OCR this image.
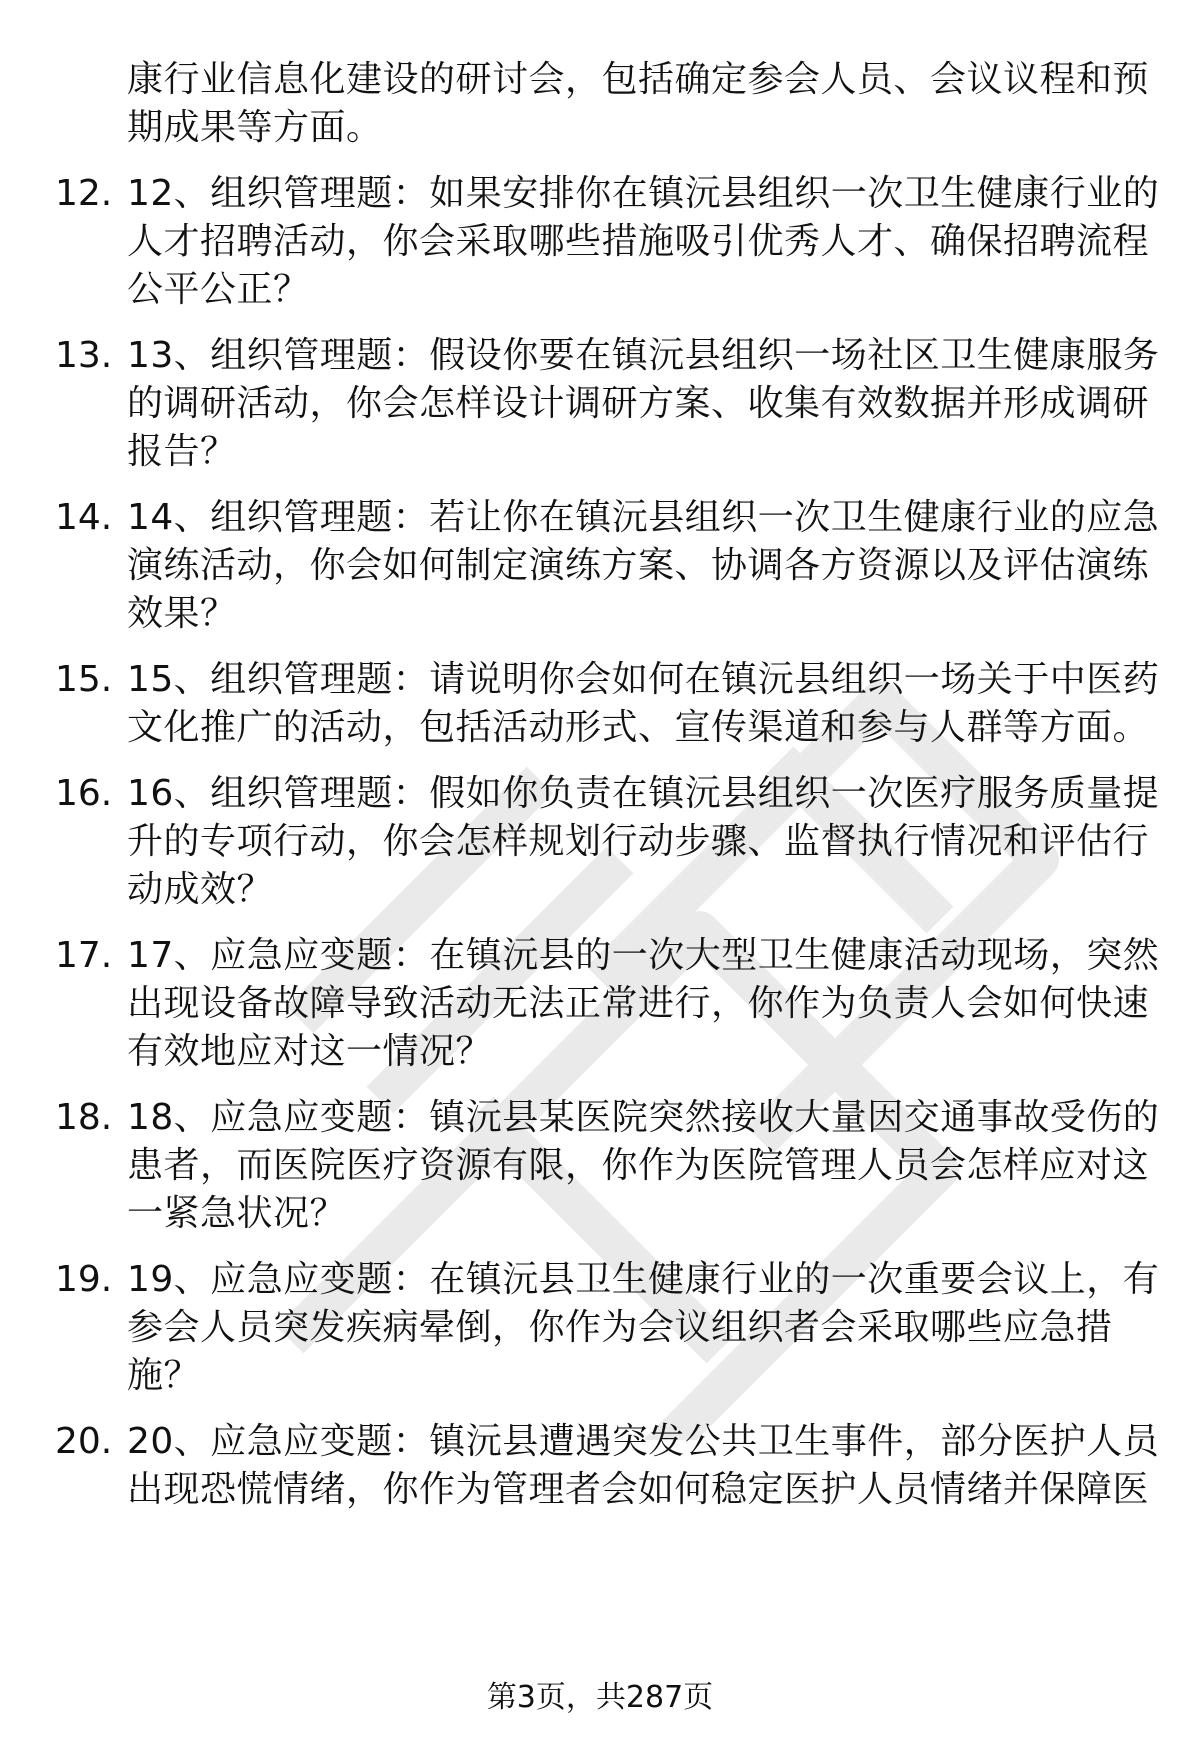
康行业信息化建设的研讨会，包括确定参会人员、会议议程和预
期成果等方面。
12. 12、组织管理题：如果安排你在镇沅县组织一次卫生健康行业的
人才招聘活动，你会采取哪些措施吸引优秀人才、确保招聘流程
公平公正？
13. 13、组织管理题：假设你要在镇沅县组织一场社区卫生健康服务
的调研活动，你会怎样设计调研方案、收集有效数据并形成调研
报告？
14. 14、组织管理题：若让你在镇沅县组织一次卫生健康行业的应急
演练活动，你会如何制定演练方案、协调各方资源以及评估演练
效果？
15. 15、组织管理题：请说明你会如何在镇沅县组织一场关于中医药
文化推广的活动，包括活动形式、宣传渠道和参与人群等方面。
16. 16、组织管理题：假如你负责在镇沅县组织一次医疗服务质量提
升的专项行动，你会怎样规划行动步骤、监督执行情况和评估行
动成效？
17. 17、应急应变题：在镇沅县的一次大型卫生健康活动现场，突然
出现设备故障导致活动无法正常进行，你作为负责人会如何快速
有效地应对这一情况？
18. 18、应急应变题：镇沅县某医院突然接收大量因交通事故受伤的
患者，而医院医疗资源有限，你作为医院管理人员会怎样应对这
一紧急状况？
19. 19、应急应变题：在镇沅县卫生健康行业的一次重要会议上，有
参会人员突发疾病晕倒，你作为会议组织者会采取哪些应急措
施？
20. 20、应急应变题：镇沅县遭遇突发公共卫生事件，部分医护人员
出现恐慌情绪，你作为管理者会如何稳定医护人员情绪并保障医
第3页，共287页
